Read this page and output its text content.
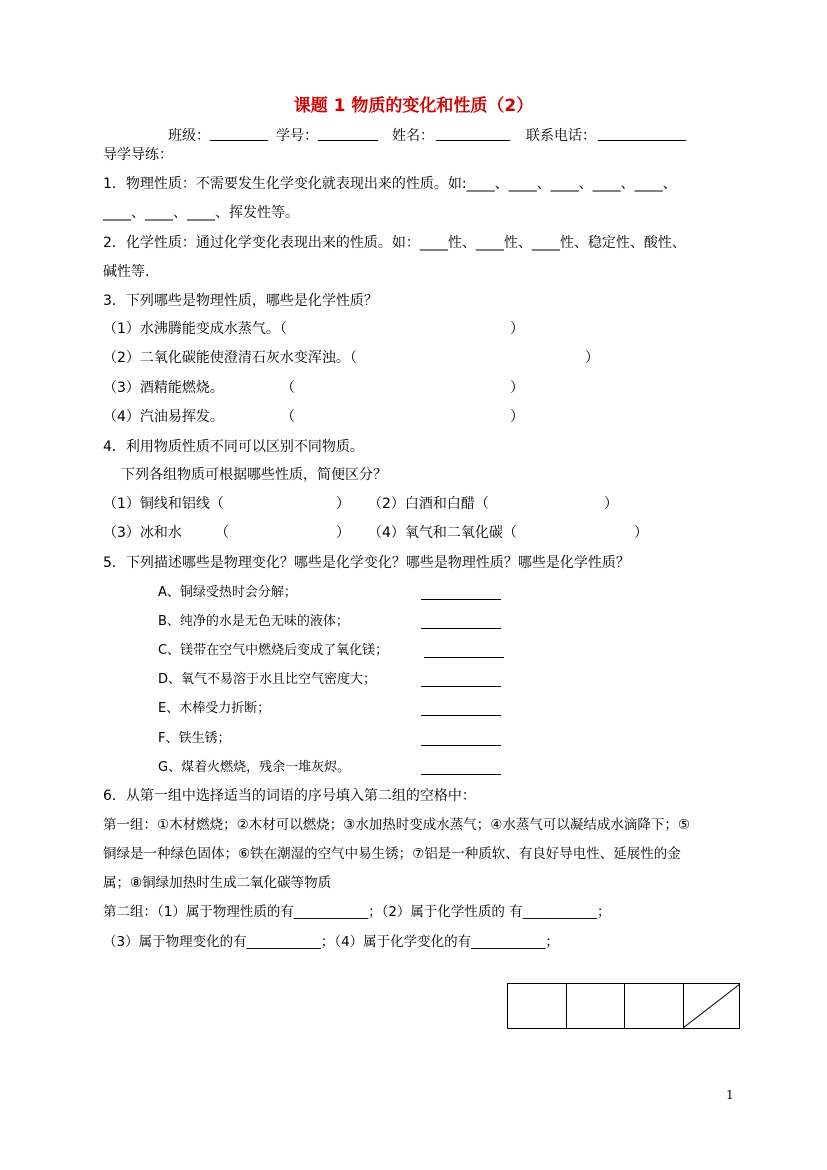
课题 1 物质的变化和性质（2）
班级：	学号：	姓名：	联系电话：
导学导练：
1．物理性质：不需要发生化学变化就表现出来的性质。如:____、____、____、____、____、
____、____、____、挥发性等。
2．化学性质：通过化学变化表现出来的性质。如：____性、____性、____性、稳定性、酸性、
碱性等.
3．下列哪些是物理性质，哪些是化学性质？
（1）水沸腾能变成水蒸气。（	）
（2）二氧化碳能使澄清石灰水变浑浊。（	）
（3）酒精能燃烧。	（	）
（4）汽油易挥发。	（	）
4．利用物质性质不同可以区别不同物质。
下列各组物质可根据哪些性质，简便区分？
（1）铜线和铝线（	） （2）白酒和白醋（	）
（3）冰和水 （	） （4）氧气和二氧化碳（	）
5．下列描述哪些是物理变化？哪些是化学变化？哪些是物理性质？哪些是化学性质？
A、铜绿受热时会分解；
B、纯净的水是无色无味的液体；
C、镁带在空气中燃烧后变成了氧化镁；
D、氧气不易溶于水且比空气密度大；
E、木棒受力折断；
F、铁生锈；
G、煤着火燃烧，残余一堆灰烬。
6．从第一组中选择适当的词语的序号填入第二组的空格中：
第一组：①木材燃烧；②木材可以燃烧；③水加热时变成水蒸气；④水蒸气可以凝结成水滴降下；⑤
铜绿是一种绿色固体；⑥铁在潮湿的空气中易生锈；⑦铝是一种质软、有良好导电性、延展性的金
属；⑧铜绿加热时生成二氧化碳等物质
第二组：（1）属于物理性质的有___________；（2）属于化学性质的 有___________；
（3）属于物理变化的有___________；（4）属于化学变化的有___________；
1
